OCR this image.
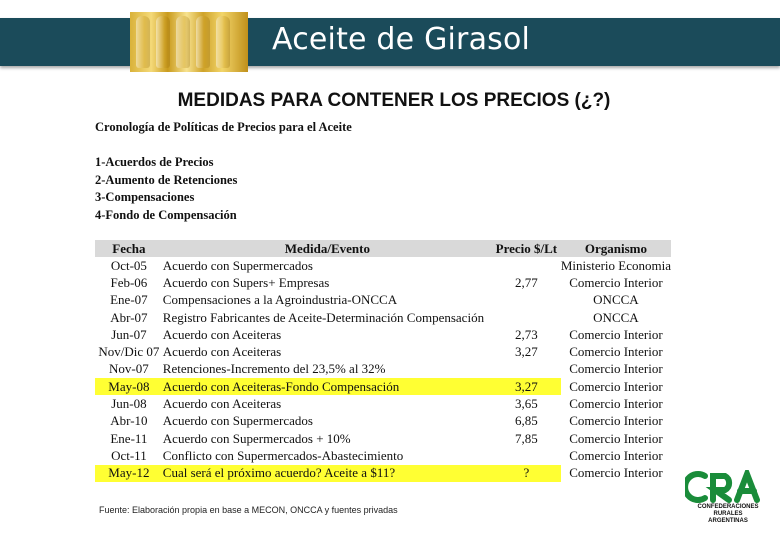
Aceite de Girasol
MEDIDAS PARA CONTENER LOS PRECIOS (¿?)
Cronología de Políticas de Precios para el Aceite
1-Acuerdos de Precios
2-Aumento de Retenciones
3-Compensaciones
4-Fondo de Compensación
Fecha	Medida/Evento	Precio $/Lt	Organismo
Oct-05	Acuerdo con Supermercados		Ministerio Economia
Feb-06	Acuerdo con Supers+ Empresas	2,77	Comercio Interior
Ene-07	Compensaciones a la Agroindustria-ONCCA		ONCCA
Abr-07	Registro Fabricantes de Aceite-Determinación Compensación		ONCCA
Jun-07	Acuerdo con Aceiteras	2,73	Comercio Interior
Nov/Dic 07	Acuerdo con Aceiteras	3,27	Comercio Interior
Nov-07	Retenciones-Incremento del 23,5% al 32%		Comercio Interior
May-08	Acuerdo con Aceiteras-Fondo Compensación	3,27	Comercio Interior
Jun-08	Acuerdo con Aceiteras	3,65	Comercio Interior
Abr-10	Acuerdo con Supermercados	6,85	Comercio Interior
Ene-11	Acuerdo con Supermercados + 10%	7,85	Comercio Interior
Oct-11	Conflicto con Supermercados-Abastecimiento		Comercio Interior
May-12	Cual será el próximo acuerdo? Aceite a $11?	?	Comercio Interior
Fuente: Elaboración propia en base a MECON, ONCCA y fuentes privadas	CONFEDERACIONES
RURALES
ARGENTINAS
